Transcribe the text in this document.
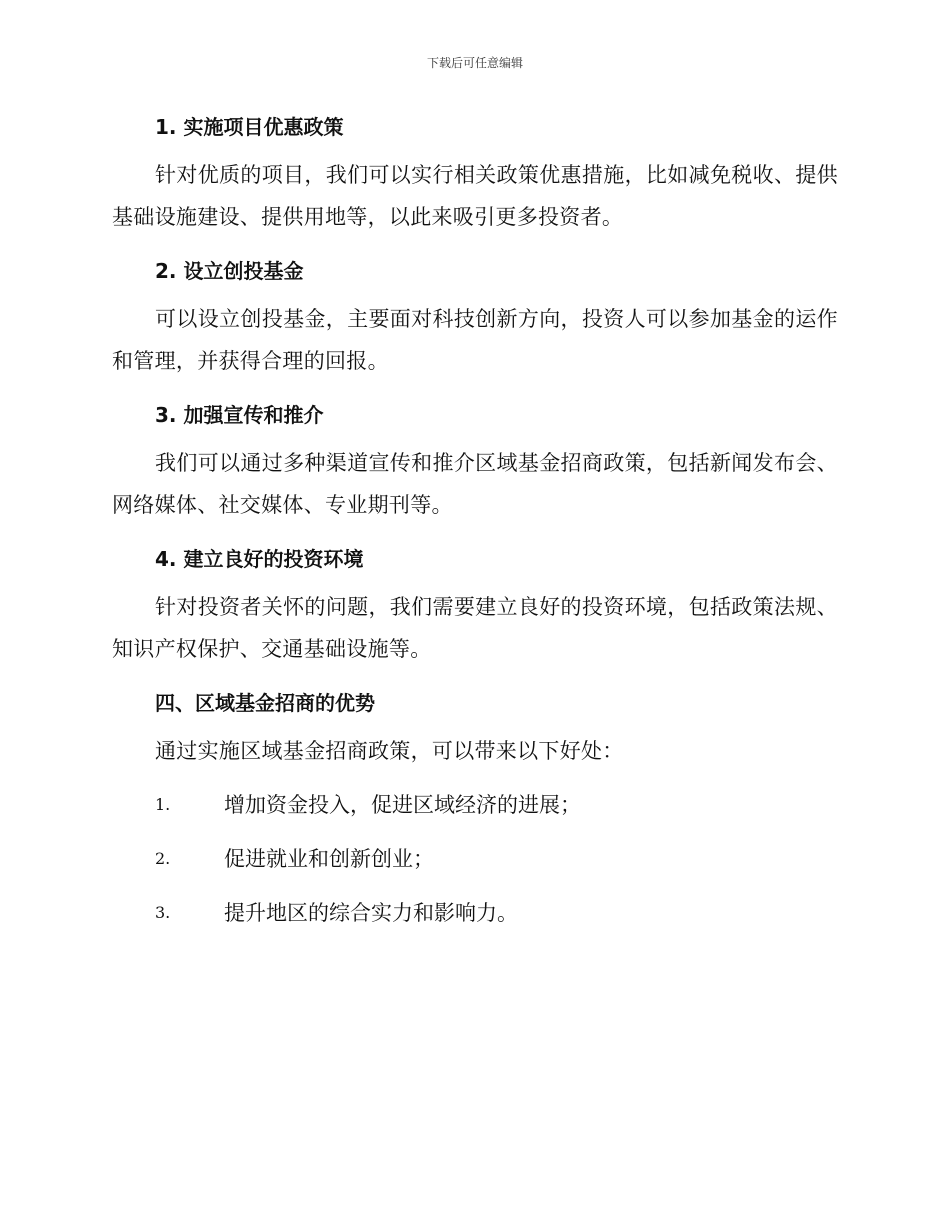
下载后可任意编辑

1. 实施项目优惠政策

针对优质的项目，我们可以实行相关政策优惠措施，比如减免税收、提供基础设施建设、提供用地等，以此来吸引更多投资者。

2. 设立创投基金

可以设立创投基金，主要面对科技创新方向，投资人可以参加基金的运作和管理，并获得合理的回报。

3. 加强宣传和推介

我们可以通过多种渠道宣传和推介区域基金招商政策，包括新闻发布会、网络媒体、社交媒体、专业期刊等。

4. 建立良好的投资环境

针对投资者关怀的问题，我们需要建立良好的投资环境，包括政策法规、知识产权保护、交通基础设施等。

四、区域基金招商的优势

通过实施区域基金招商政策，可以带来以下好处：

1.	增加资金投入，促进区域经济的进展；
2.	促进就业和创新创业；
3.	提升地区的综合实力和影响力。
